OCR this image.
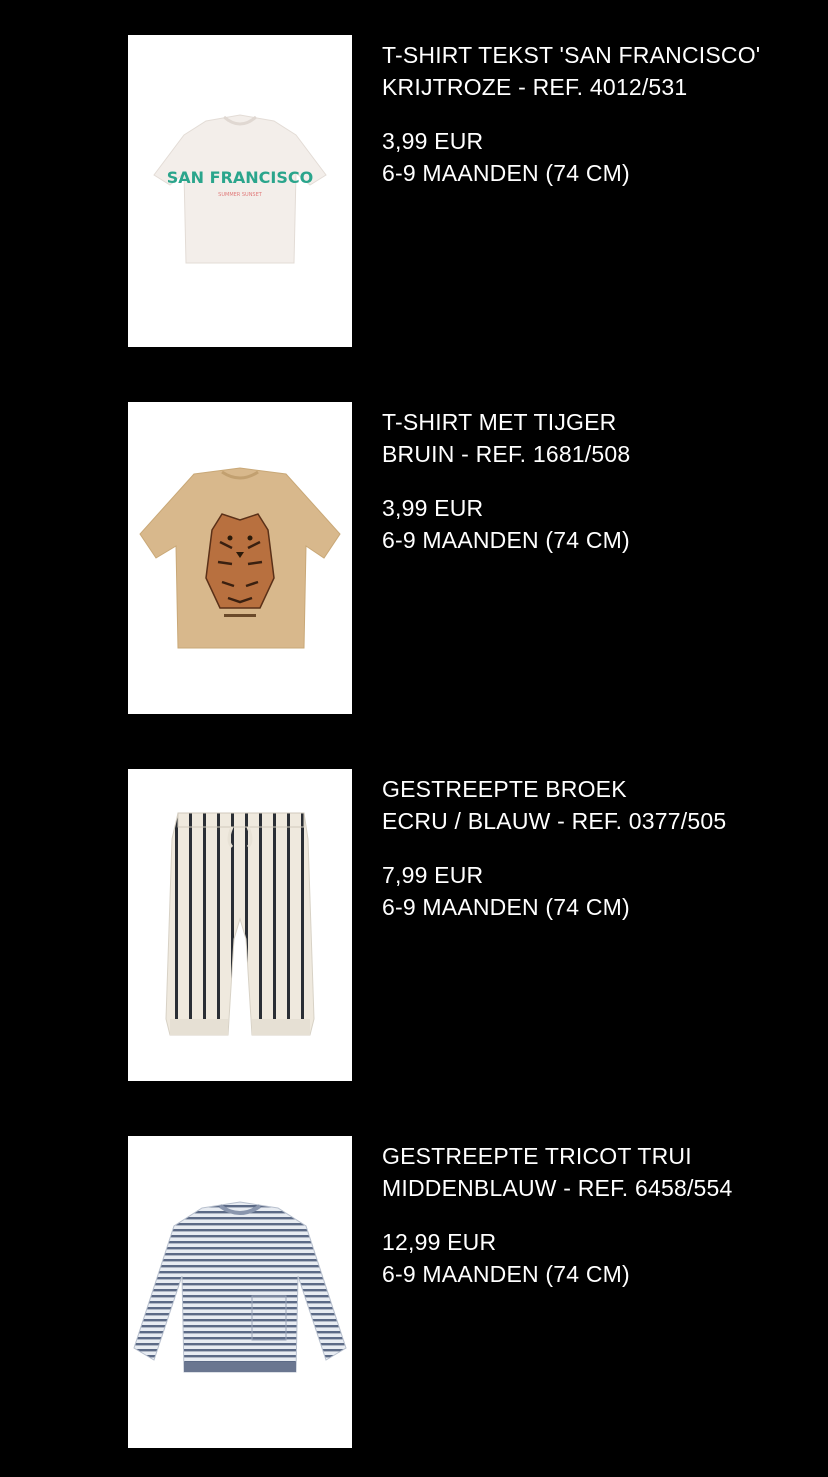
SAN FRANCISCO
SUMMER SUNSET
T-SHIRT TEKST 'SAN FRANCISCO'
KRIJTROZE - REF. 4012/531
3,99 EUR
6-9 MAANDEN (74 CM)
T-SHIRT MET TIJGER
BRUIN - REF. 1681/508
3,99 EUR
6-9 MAANDEN (74 CM)
GESTREEPTE BROEK
ECRU / BLAUW - REF. 0377/505
7,99 EUR
6-9 MAANDEN (74 CM)
GESTREEPTE TRICOT TRUI
MIDDENBLAUW - REF. 6458/554
12,99 EUR
6-9 MAANDEN (74 CM)
